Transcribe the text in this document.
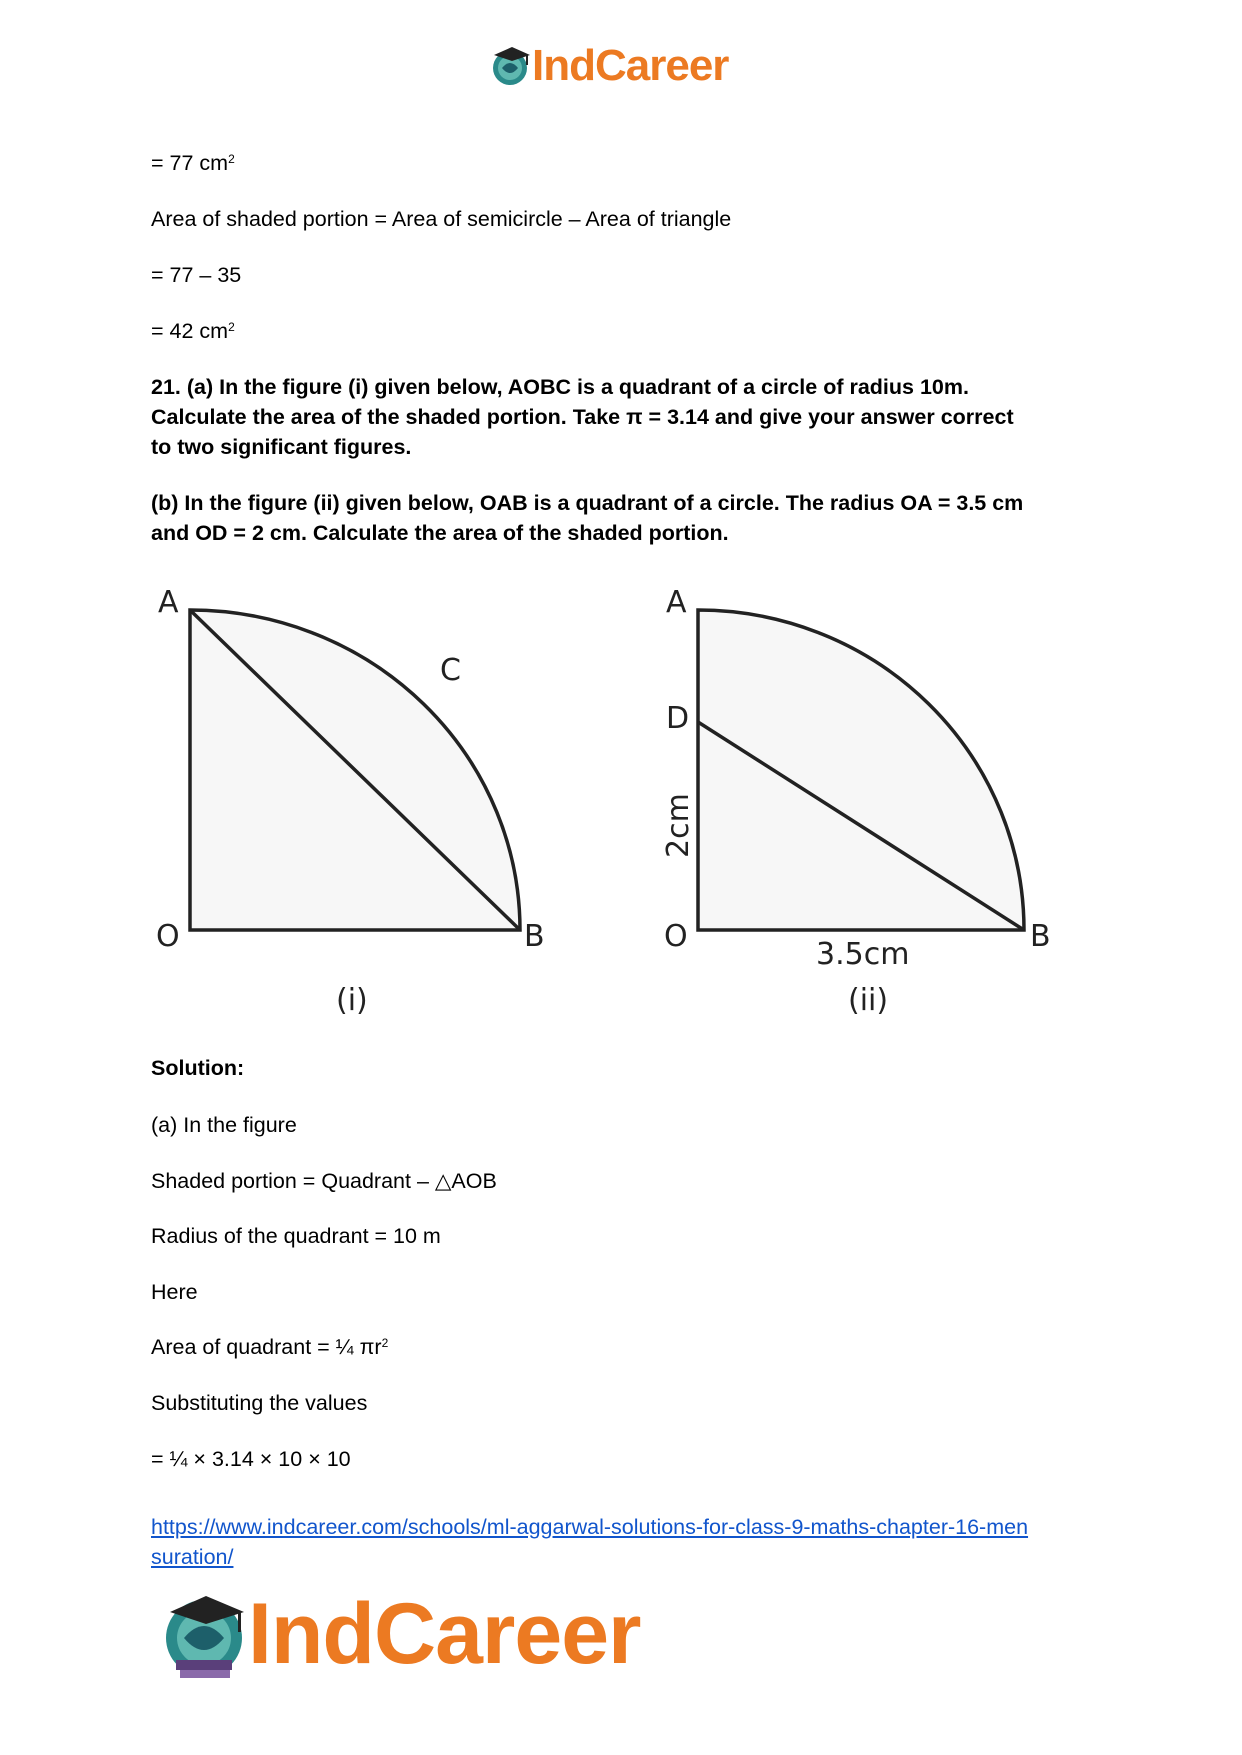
IndCareer
= 77 $cm^2$
Area of shaded portion = Area of semicircle – Area of triangle
= 77 – 35
= 42 $cm^2$
21. (a) In the figure (i) given below, AOBC is a quadrant of a circle of radius 10m.
Calculate the area of the shaded portion. Take π = 3.14 and give your answer correct
to two significant figures.
(b) In the figure (ii) given below, OAB is a quadrant of a circle. The radius OA = 3.5 cm
and OD = 2 cm. Calculate the area of the shaded portion.
A
C
O	B
(i)
A
D
O	B
2cm
3.5cm
(ii)
Solution:
(a) In the figure
Shaded portion = Quadrant – △AOB
Radius of the quadrant = 10 m
Here
Area of quadrant = ¼ $\pi r^2$
Substituting the values
= ¼ × 3.14 × 10 × 10
https://www.indcareer.com/schools/ml-aggarwal-solutions-for-class-9-maths-chapter-16-men
suration/
IndCareer
